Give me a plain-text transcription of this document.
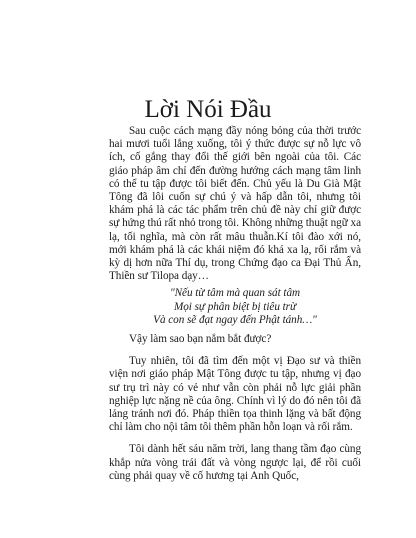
Lời Nói Đầu

Sau cuộc cách mạng đầy nóng bỏng của thời trước hai mươi tuổi lắng xuống, tôi ý thức được sự nỗ lực vô ích, cố gắng thay đổi thế giới bên ngoài của tôi. Các giáo pháp âm chỉ đến đường hướng cách mạng tâm linh có thể tu tập được tôi biết đến. Chủ yếu là Du Già Mật Tông đã lôi cuốn sự chú ý và hấp dẫn tôi, nhưng tôi khám phá là các tác phẩm trên chủ đề này chỉ giữ được sự hứng thú rất nhỏ trong tôi. Không những thuật ngữ xa lạ, tối nghĩa, mà còn rất mâu thuẫn.Kí tôi đào xới nó, mới khám phá là các khái niệm đó khá xa lạ, rối rắm và kỳ dị hơn nữa Thí dụ, trong Chứng đạo ca Đại Thủ Ấn, Thiền sư Tilopa dạy…

"Nếu từ tâm mà quan sát tâm
Mọi sự phân biệt bị tiêu trừ
Và con sẽ đạt ngay đến Phật tánh…"

Vậy làm sao bạn nắm bắt được?

Tuy nhiên, tôi đã tìm đến một vị Đạo sư và thiền viện nơi giáo pháp Mật Tông được tu tập, nhưng vị đạo sư trụ trì này có vẻ như vẫn còn phải nỗ lực giải phần nghiệp lực nặng nề của ông. Chính vì lý do đó nên tôi đã lảng tránh nơi đó. Pháp thiền tọa thinh lặng và bất động chỉ làm cho nội tâm tôi thêm phần hỗn loạn và rối rắm.

Tôi dành hết sáu năm trời, lang thang tầm đạo cùng khắp nửa vòng trái đất và vòng ngược lại, để rồi cuối cùng phải quay về cố hương tại Anh Quốc,
